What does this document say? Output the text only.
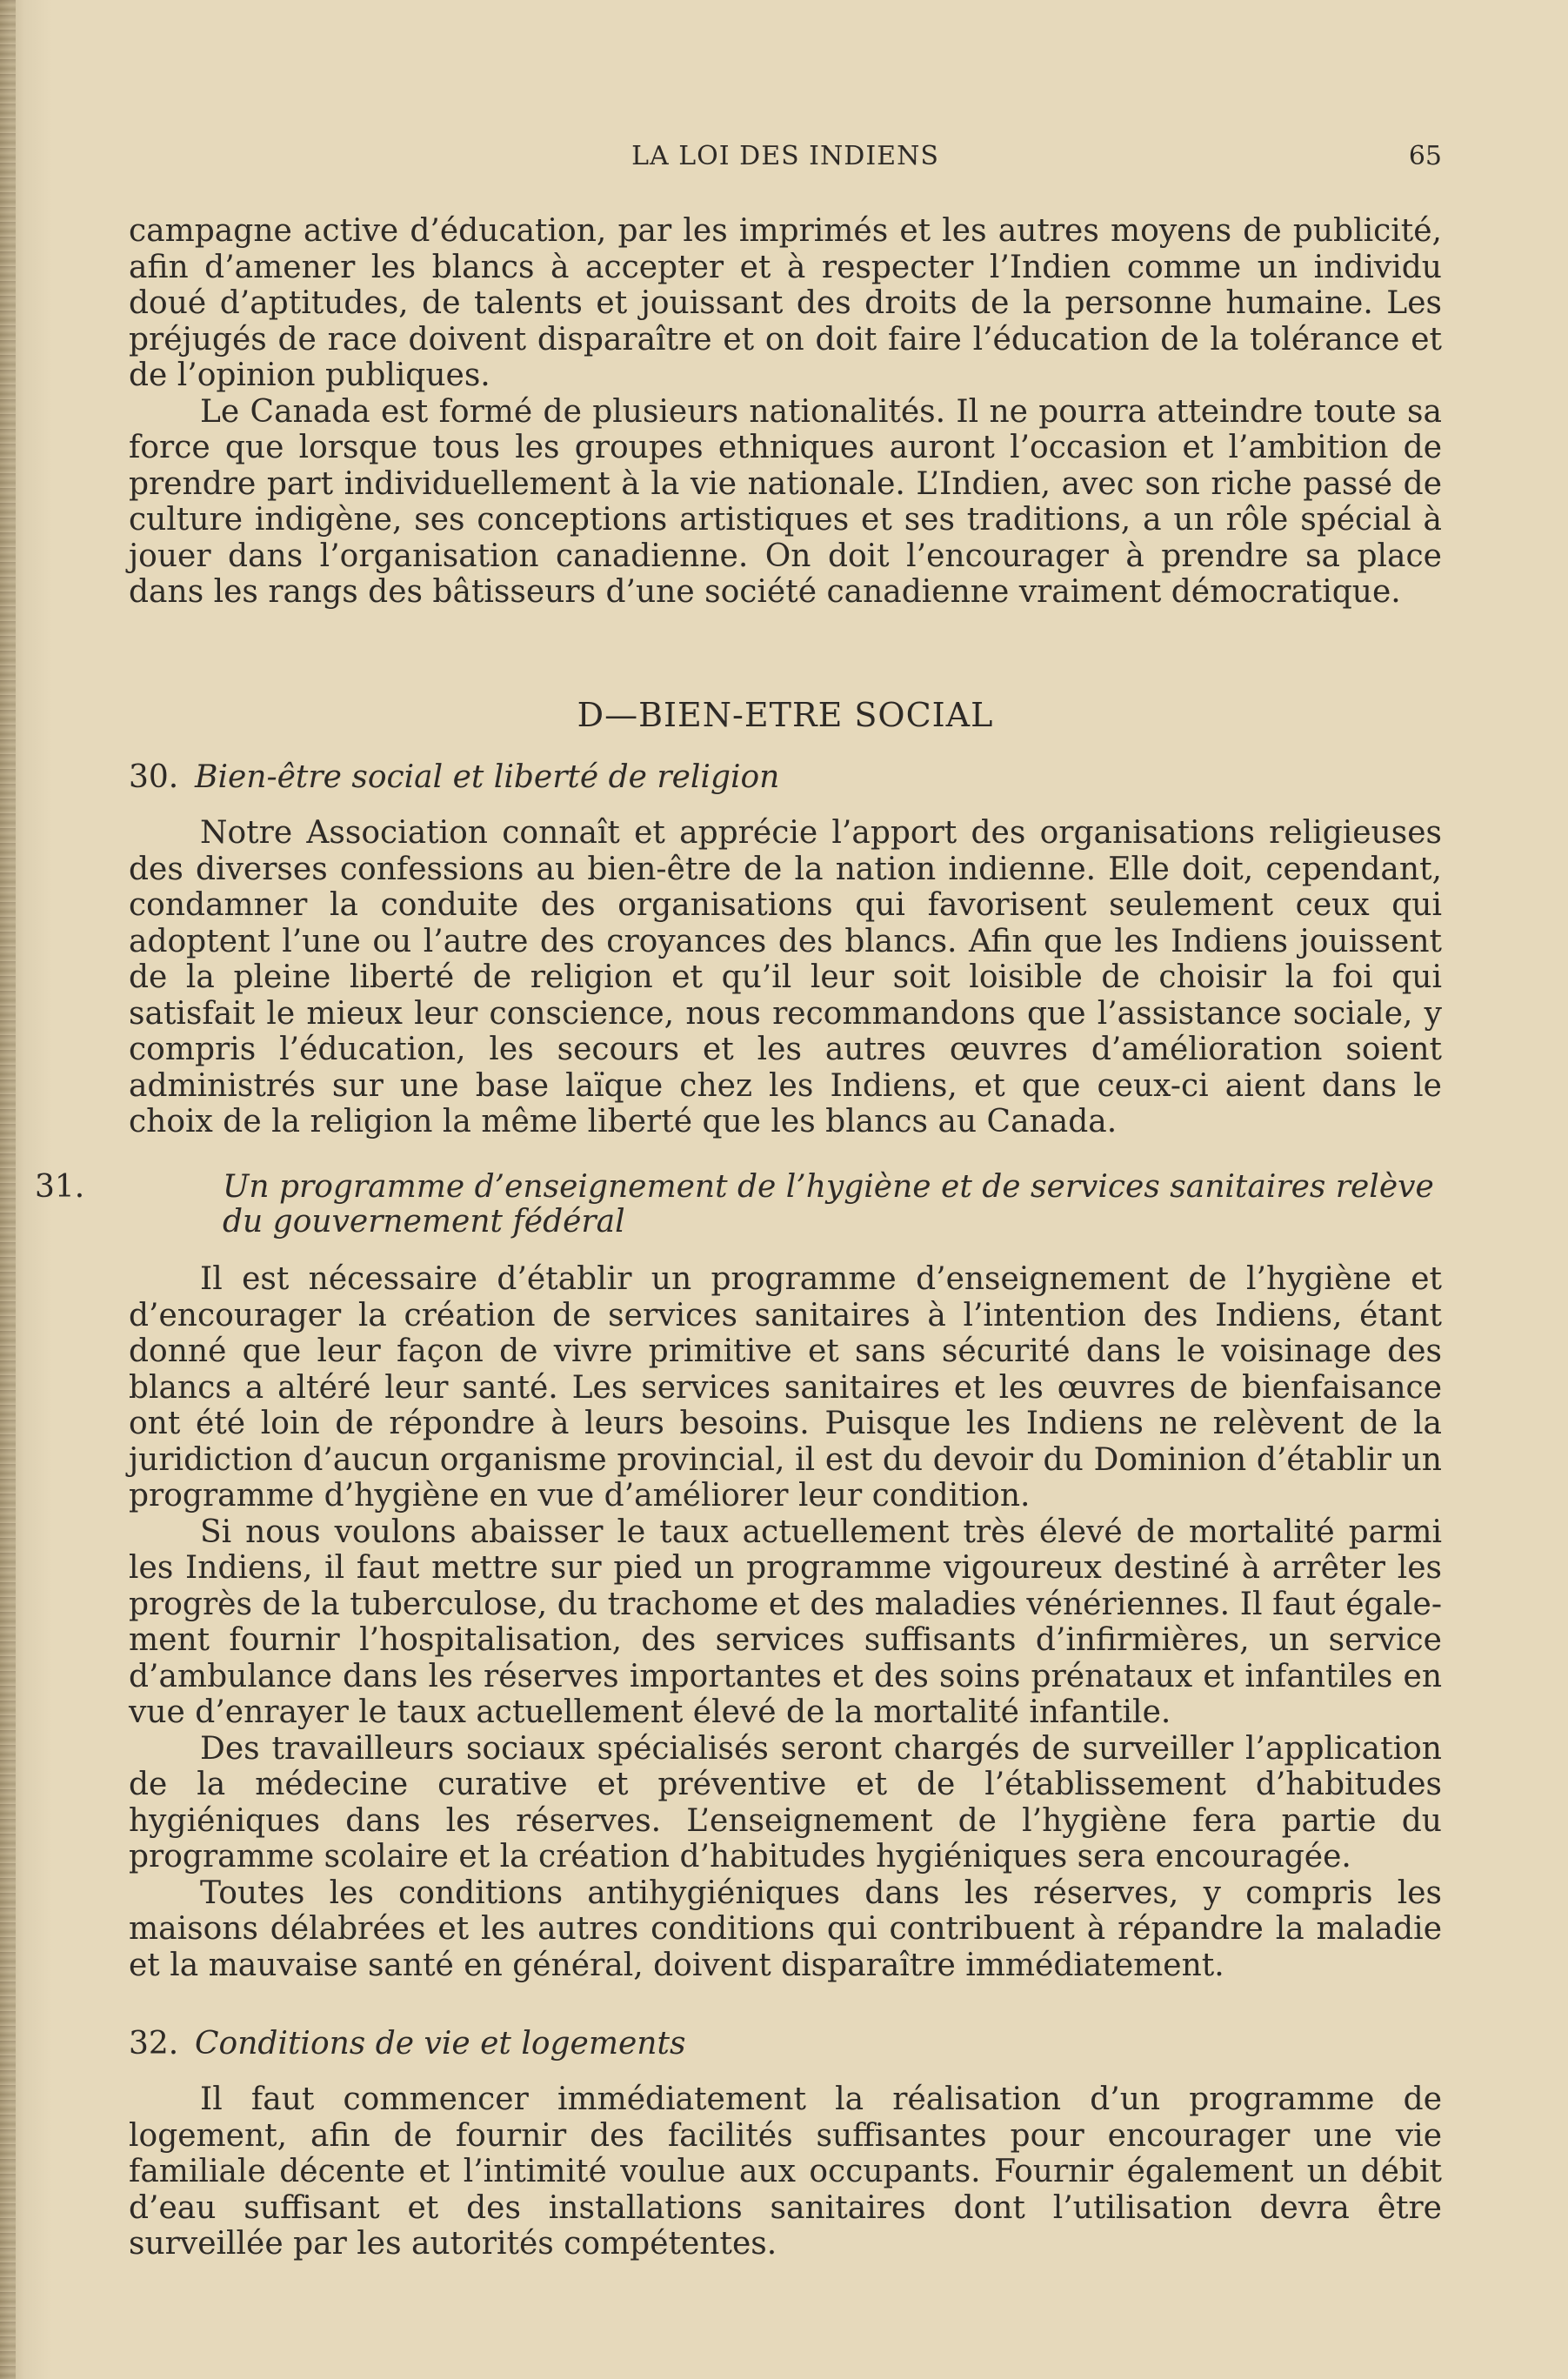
LA LOI DES INDIENS	65

campagne active d’éducation, par les imprimés et les autres moyens de publicité, afin d’amener les blancs à accepter et à respecter l’Indien comme un individu doué d’aptitudes, de talents et jouissant des droits de la personne humaine. Les préjugés de race doivent disparaître et on doit faire l’éducation de la tolérance et de l’opinion publiques.

Le Canada est formé de plusieurs nationalités. Il ne pourra atteindre toute sa force que lorsque tous les groupes ethniques auront l’occasion et l’ambition de prendre part individuellement à la vie nationale. L’Indien, avec son riche passé de culture indigène, ses conceptions artistiques et ses traditions, a un rôle spécial à jouer dans l’organisation canadienne. On doit l’encourager à prendre sa place dans les rangs des bâtisseurs d’une société canadienne vraiment démocratique.

D—BIEN-ETRE SOCIAL
30. Bien-être social et liberté de religion

Notre Association connaît et apprécie l’apport des organisations religieuses des diverses confessions au bien-être de la nation indienne. Elle doit, cependant, condamner la conduite des organisations qui favorisent seulement ceux qui adoptent l’une ou l’autre des croyances des blancs. Afin que les Indiens jouissent de la pleine liberté de religion et qu’il leur soit loisible de choisir la foi qui satisfait le mieux leur conscience, nous recommandons que l’assistance sociale, y compris l’éducation, les secours et les autres œuvres d’amélioration soient administrés sur une base laïque chez les Indiens, et que ceux-ci aient dans le choix de la religion la même liberté que les blancs au Canada.

31.	Un programme d’enseignement de l’hygiène et de services sanitaires relève du gouvernement fédéral

Il est nécessaire d’établir un programme d’enseignement de l’hygiène et d’encourager la création de services sanitaires à l’intention des Indiens, étant donné que leur façon de vivre primitive et sans sécurité dans le voisinage des blancs a altéré leur santé. Les services sanitaires et les œuvres de bienfaisance ont été loin de répondre à leurs besoins. Puisque les Indiens ne relèvent de la juridiction d’aucun organisme provincial, il est du devoir du Dominion d’établir un programme d’hygiène en vue d’améliorer leur condition.

Si nous voulons abaisser le taux actuellement très élevé de mortalité parmi les Indiens, il faut mettre sur pied un programme vigoureux destiné à arrêter les progrès de la tuberculose, du trachome et des maladies vénériennes. Il faut également fournir l’hospitalisation, des services suffisants d’infirmières, un service d’ambulance dans les réserves importantes et des soins prénataux et infantiles en vue d’enrayer le taux actuellement élevé de la mortalité infantile.

Des travailleurs sociaux spécialisés seront chargés de surveiller l’application de la médecine curative et préventive et de l’établissement d’habitudes hygiéniques dans les réserves. L’enseignement de l’hygiène fera partie du programme scolaire et la création d’habitudes hygiéniques sera encouragée.

Toutes les conditions antihygiéniques dans les réserves, y compris les maisons délabrées et les autres conditions qui contribuent à répandre la maladie et la mauvaise santé en général, doivent disparaître immédiatement.

32. Conditions de vie et logements

Il faut commencer immédiatement la réalisation d’un programme de logement, afin de fournir des facilités suffisantes pour encourager une vie familiale décente et l’intimité voulue aux occupants. Fournir également un débit d’eau suffisant et des installations sanitaires dont l’utilisation devra être surveillée par les autorités compétentes.
